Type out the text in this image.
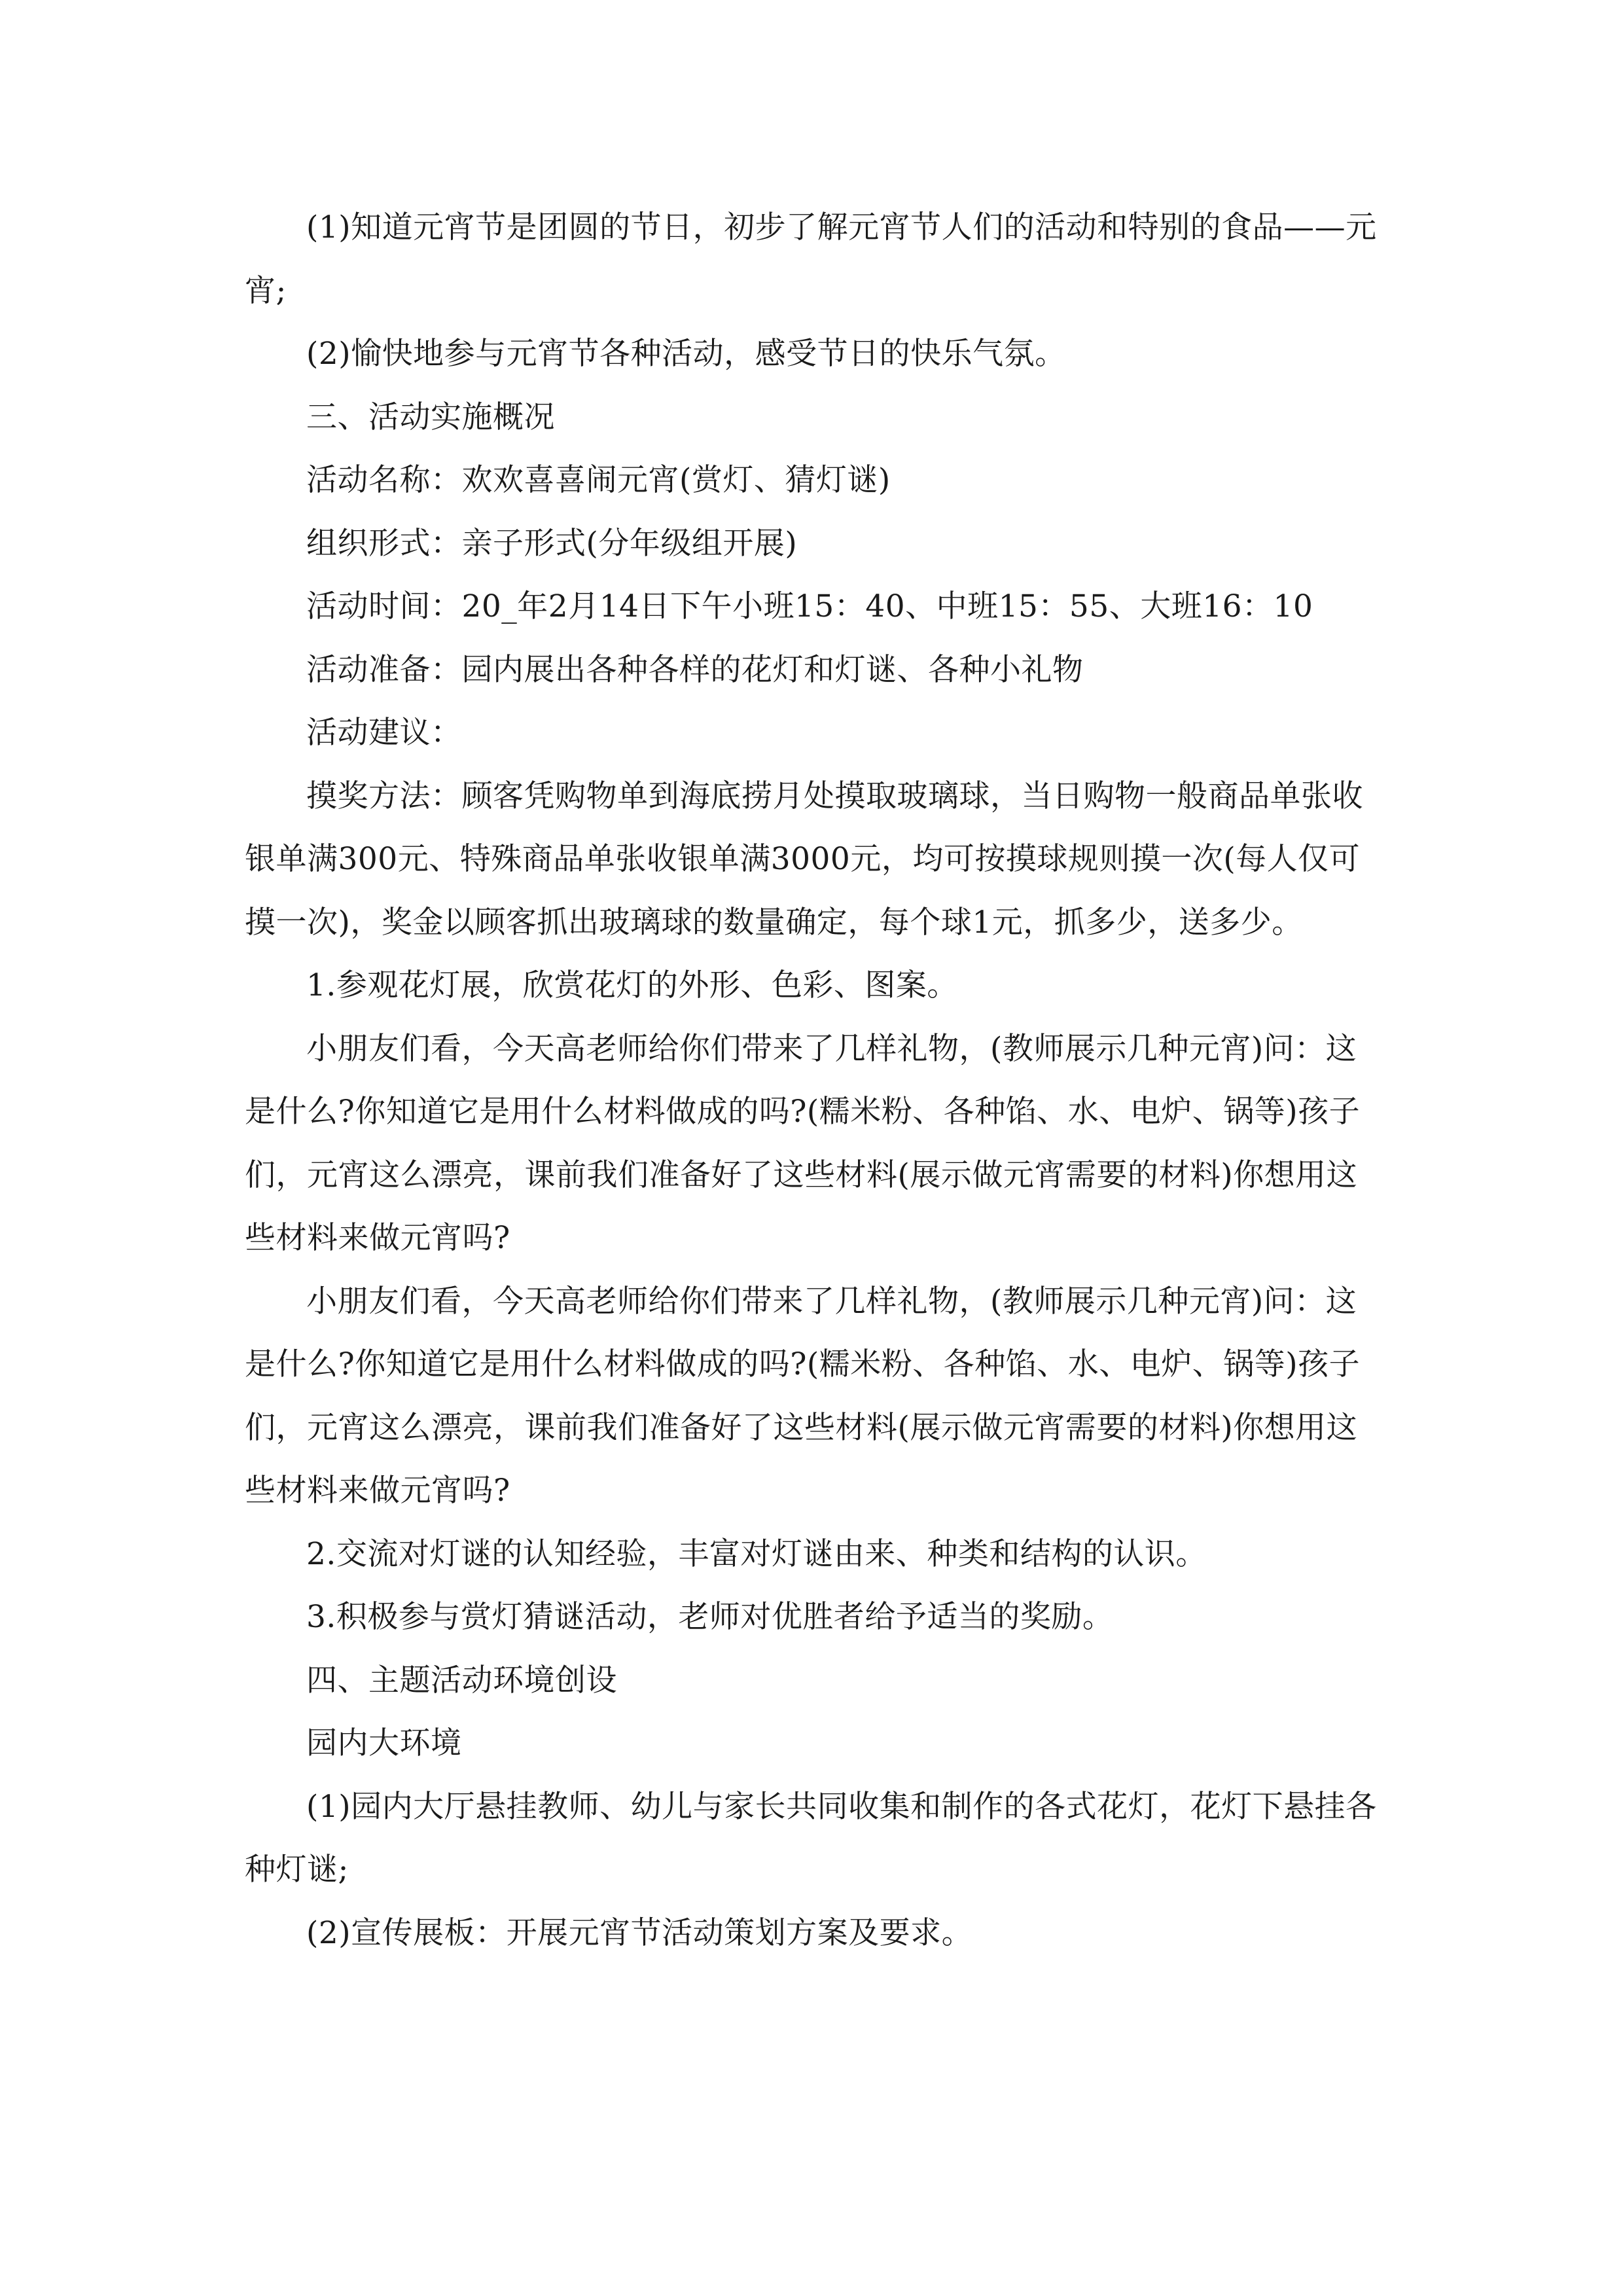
(1)知道元宵节是团圆的节日，初步了解元宵节人们的活动和特别的食品——元宵;

(2)愉快地参与元宵节各种活动，感受节日的快乐气氛。

三、活动实施概况

活动名称：欢欢喜喜闹元宵(赏灯、猜灯谜)

组织形式：亲子形式(分年级组开展)

活动时间：20_年2月14日下午小班15：40、中班15：55、大班16：10

活动准备：园内展出各种各样的花灯和灯谜、各种小礼物

活动建议：

摸奖方法：顾客凭购物单到海底捞月处摸取玻璃球，当日购物一般商品单张收银单满300元、特殊商品单张收银单满3000元，均可按摸球规则摸一次(每人仅可摸一次)，奖金以顾客抓出玻璃球的数量确定，每个球1元，抓多少，送多少。

1.参观花灯展，欣赏花灯的外形、色彩、图案。

小朋友们看，今天高老师给你们带来了几样礼物，(教师展示几种元宵)问：这是什么?你知道它是用什么材料做成的吗?(糯米粉、各种馅、水、电炉、锅等)孩子们，元宵这么漂亮，课前我们准备好了这些材料(展示做元宵需要的材料)你想用这些材料来做元宵吗?

小朋友们看，今天高老师给你们带来了几样礼物，(教师展示几种元宵)问：这是什么?你知道它是用什么材料做成的吗?(糯米粉、各种馅、水、电炉、锅等)孩子们，元宵这么漂亮，课前我们准备好了这些材料(展示做元宵需要的材料)你想用这些材料来做元宵吗?

2.交流对灯谜的认知经验，丰富对灯谜由来、种类和结构的认识。

3.积极参与赏灯猜谜活动，老师对优胜者给予适当的奖励。

四、主题活动环境创设

园内大环境

(1)园内大厅悬挂教师、幼儿与家长共同收集和制作的各式花灯，花灯下悬挂各种灯谜;

(2)宣传展板：开展元宵节活动策划方案及要求。
